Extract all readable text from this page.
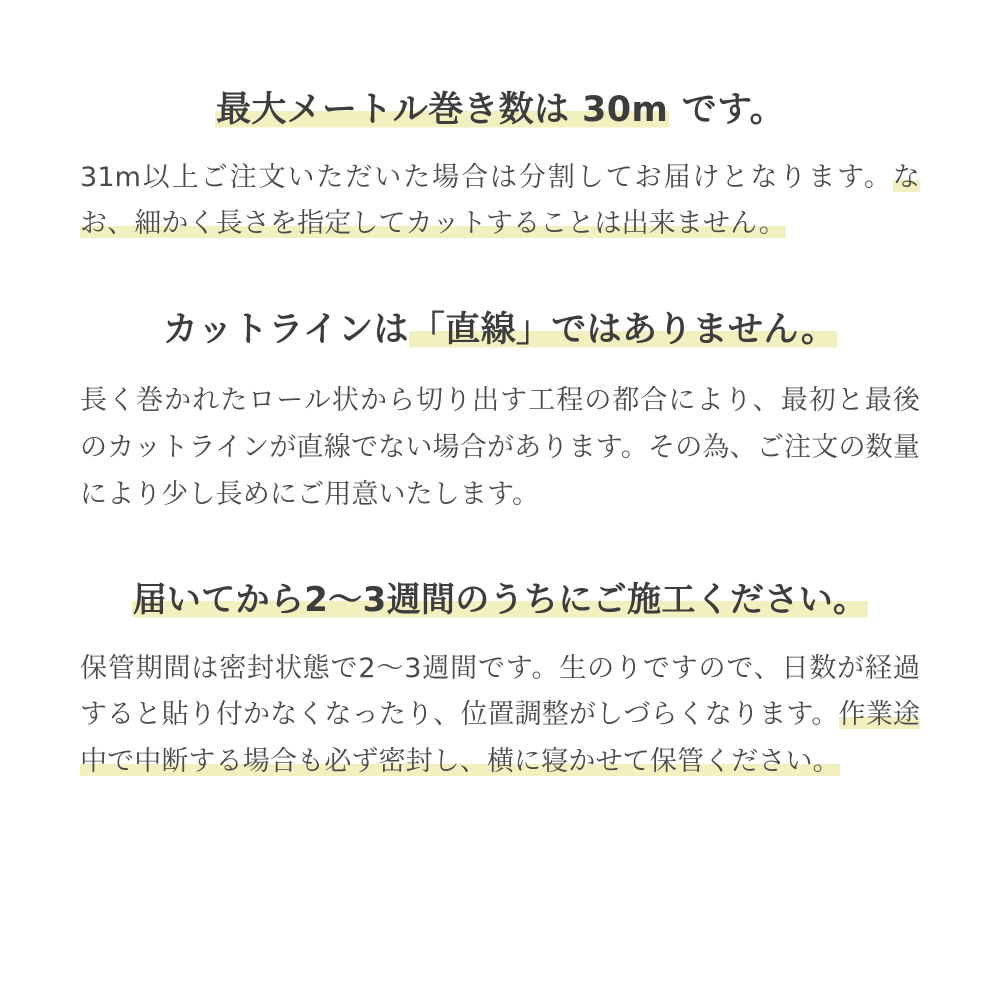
最大メートル巻き数は 30m です。

31m以上ご注文いただいた場合は分割してお届けとなります。なお、細かく長さを指定してカットすることは出来ません。

カットラインは「直線」ではありません。

長く巻かれたロール状から切り出す工程の都合により、最初と最後のカットラインが直線でない場合があります。その為、ご注文の数量により少し長めにご用意いたします。

届いてから2〜3週間のうちにご施工ください。

保管期間は密封状態で2〜3週間です。生のりですので、日数が経過すると貼り付かなくなったり、位置調整がしづらくなります。作業途中で中断する場合も必ず密封し、横に寝かせて保管ください。
